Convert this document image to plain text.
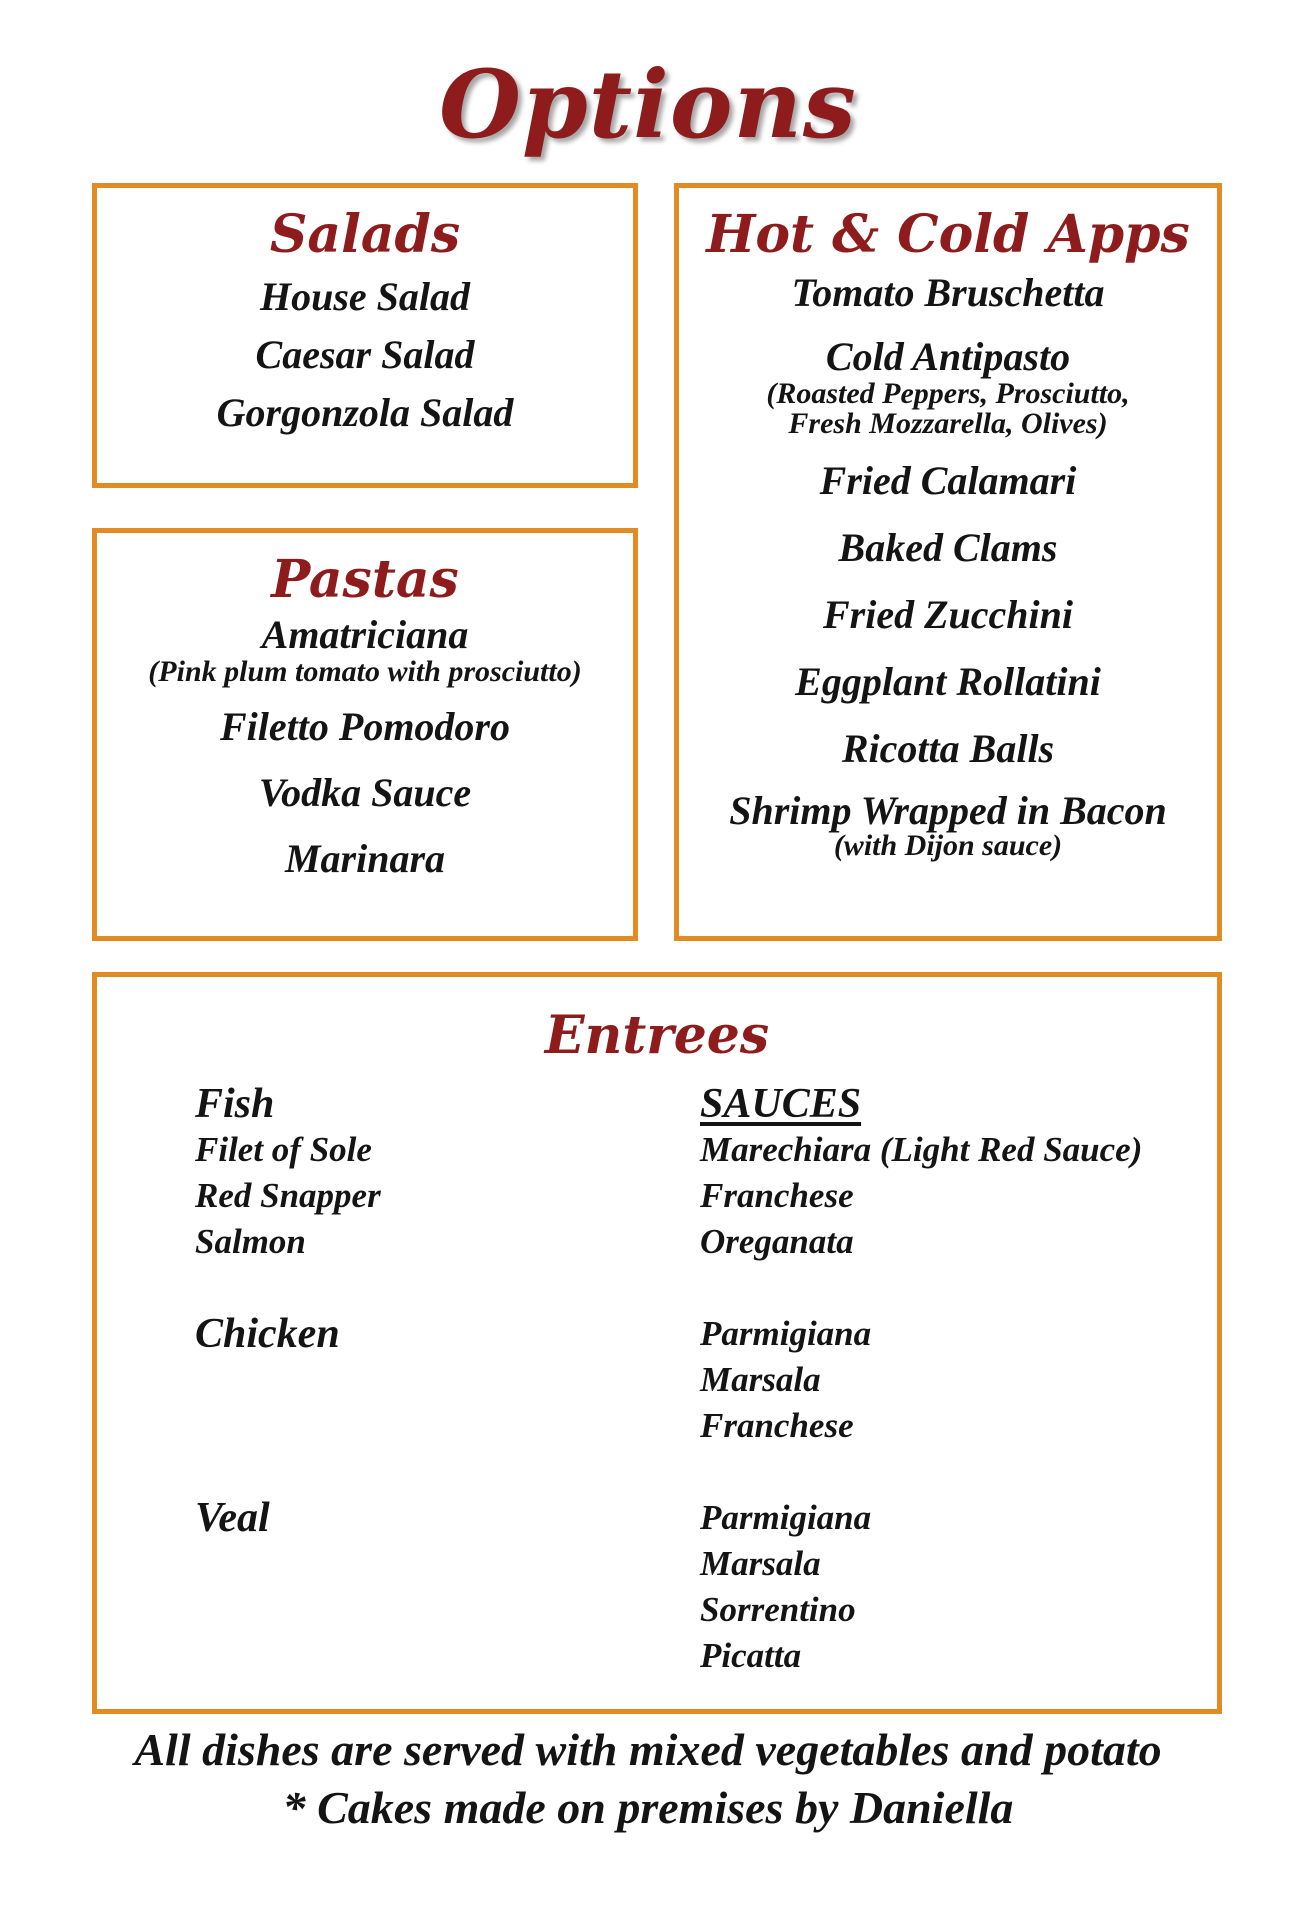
Options
Salads
House Salad
Caesar Salad
Gorgonzola Salad
Pastas
Amatriciana
(Pink plum tomato with prosciutto)
Filetto Pomodoro
Vodka Sauce
Marinara
Hot & Cold Apps
Tomato Bruschetta
Cold Antipasto
(Roasted Peppers, Prosciutto,
Fresh Mozzarella, Olives)
Fried Calamari
Baked Clams
Fried Zucchini
Eggplant Rollatini
Ricotta Balls
Shrimp Wrapped in Bacon
(with Dijon sauce)
Entrees
Fish
Filet of Sole
Red Snapper
Salmon
Chicken
Veal
SAUCES
Marechiara (Light Red Sauce)
Franchese
Oreganata
Parmigiana
Marsala
Franchese
Parmigiana
Marsala
Sorrentino
Picatta
All dishes are served with mixed vegetables and potato
* Cakes made on premises by Daniella
